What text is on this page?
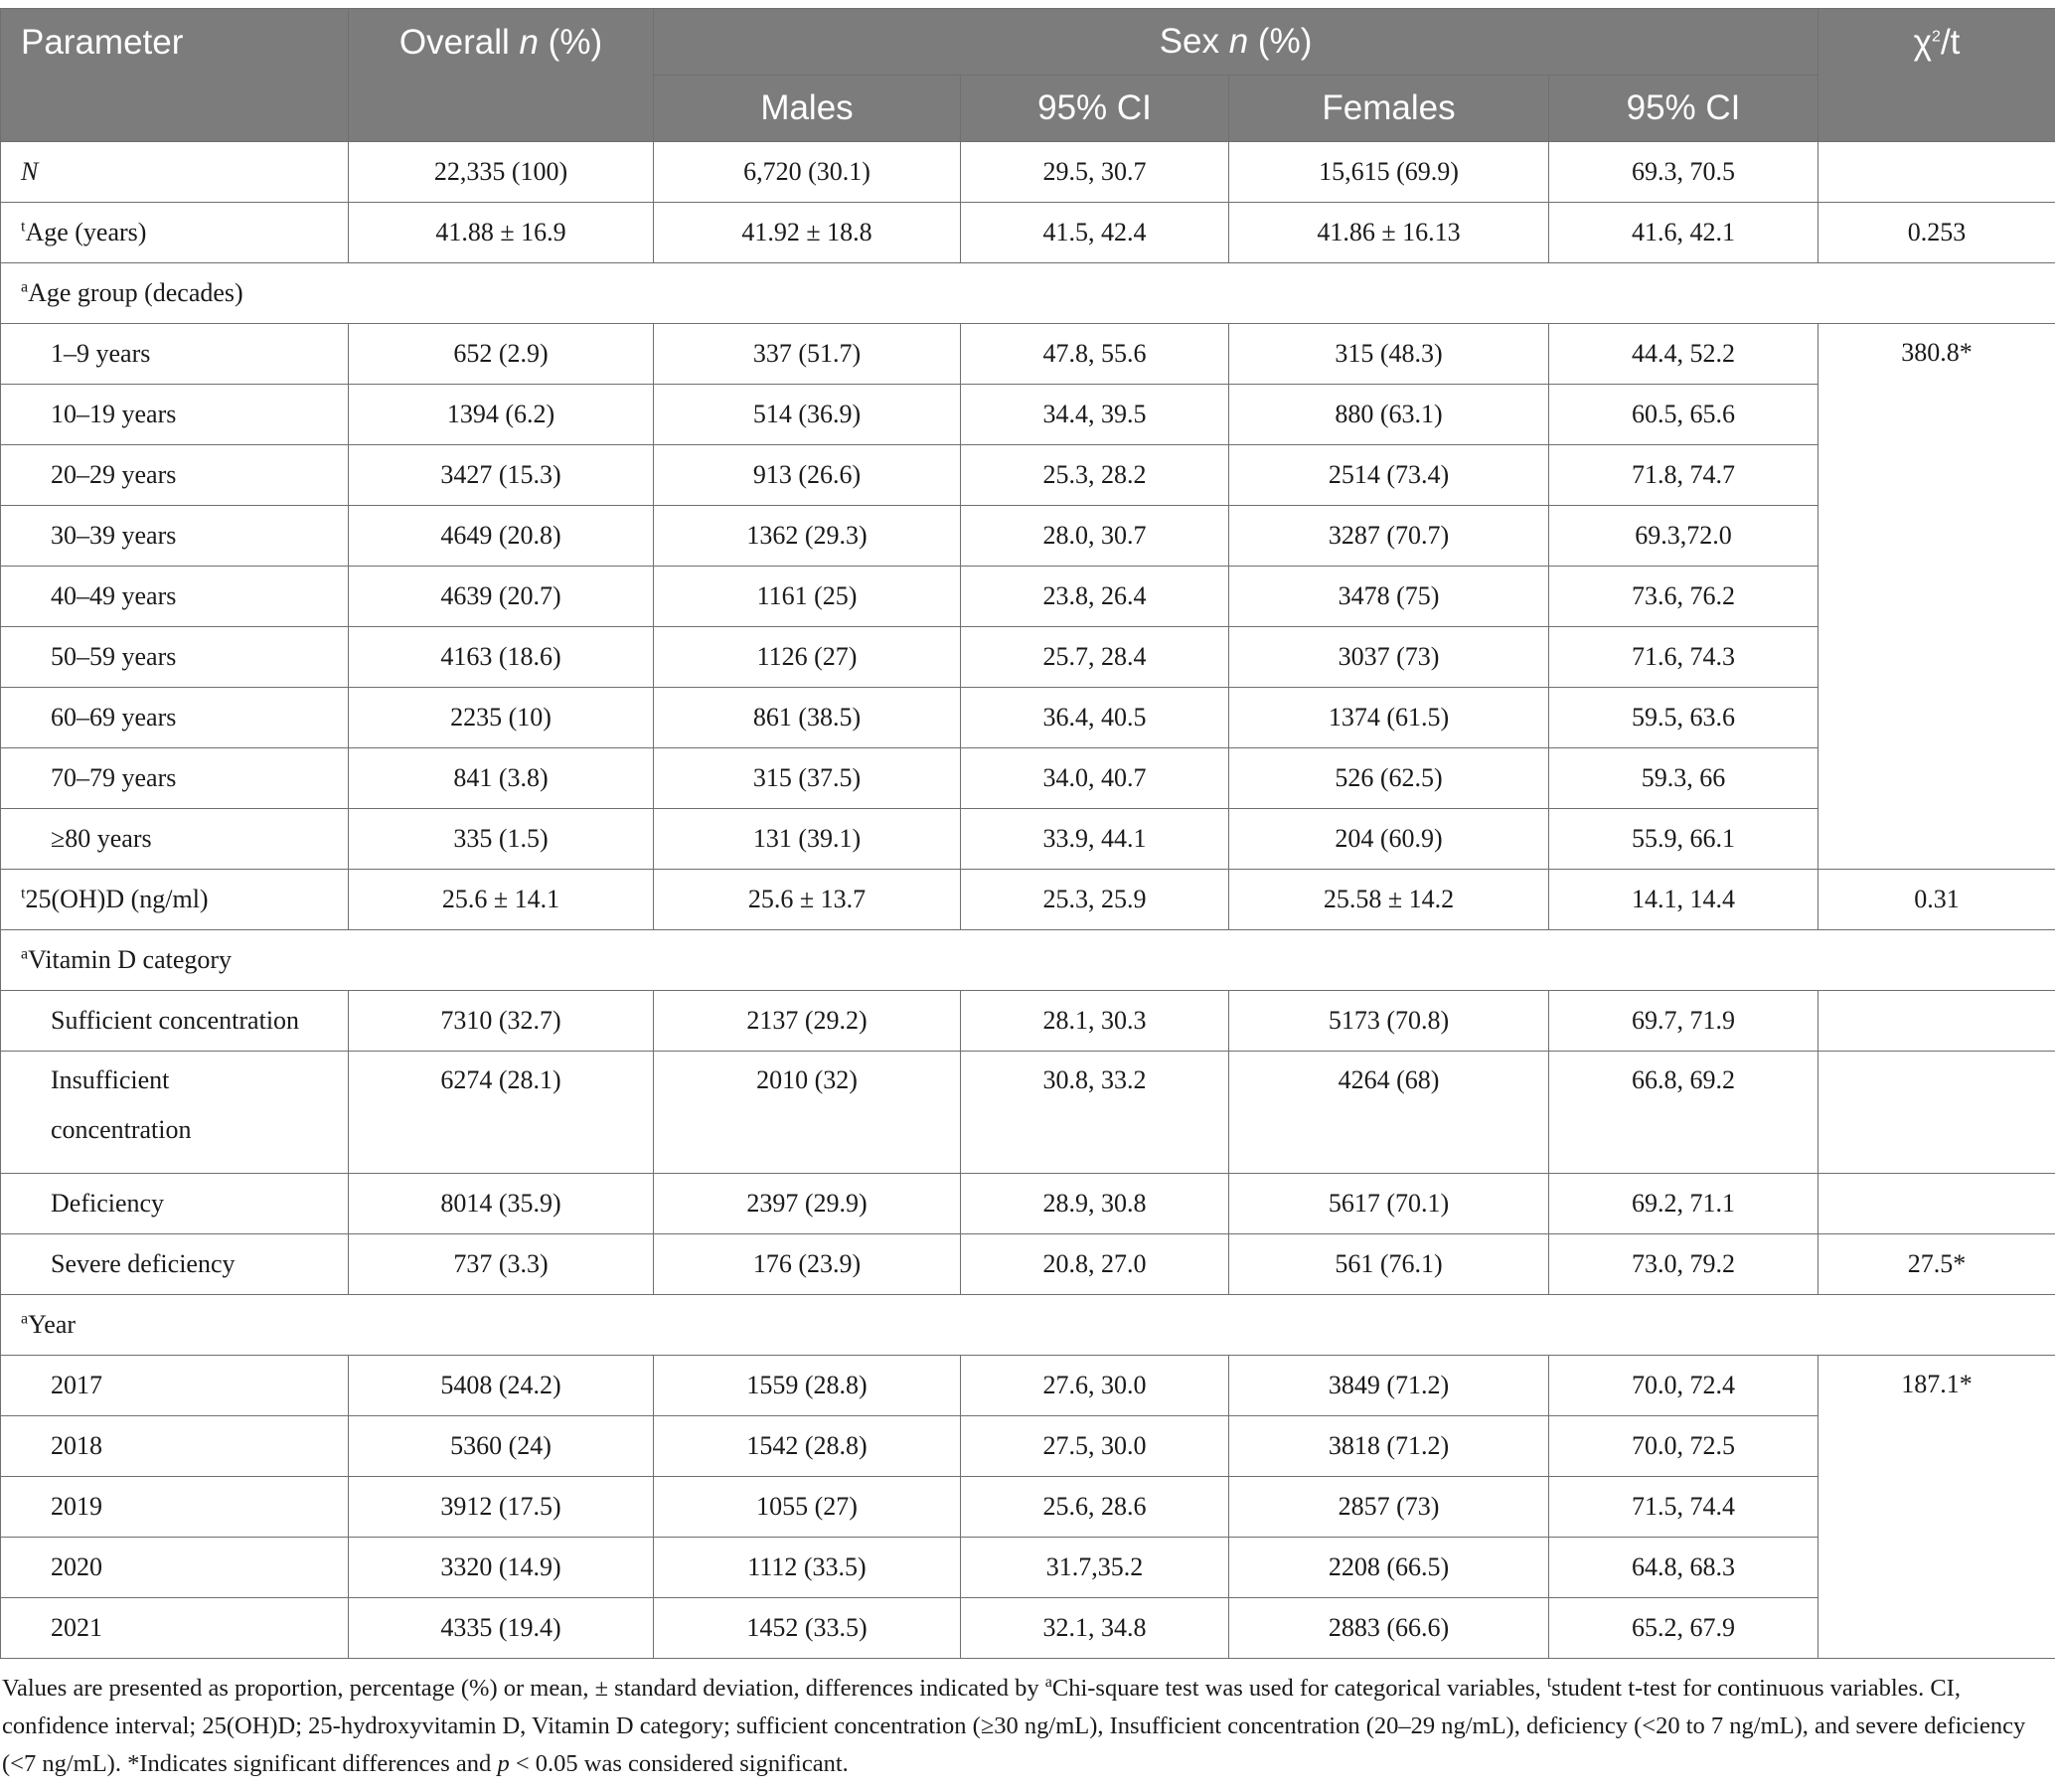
Parameter	Overall n (%)	Sex n (%)				$\chi^2/t$
		Males	95% CI	Females	95% CI	
N	22,335 (100)	6,720 (30.1)	29.5, 30.7	15,615 (69.9)	69.3, 70.5	
$^t$Age (years)	41.88 ± 16.9	41.92 ± 18.8	41.5, 42.4	41.86 ± 16.13	41.6, 42.1	0.253
$^a$Age group (decades)						
1–9 years	652 (2.9)	337 (51.7)	47.8, 55.6	315 (48.3)	44.4, 52.2	380.8*
10–19 years	1394 (6.2)	514 (36.9)	34.4, 39.5	880 (63.1)	60.5, 65.6	
20–29 years	3427 (15.3)	913 (26.6)	25.3, 28.2	2514 (73.4)	71.8, 74.7	
30–39 years	4649 (20.8)	1362 (29.3)	28.0, 30.7	3287 (70.7)	69.3,72.0	
40–49 years	4639 (20.7)	1161 (25)	23.8, 26.4	3478 (75)	73.6, 76.2	
50–59 years	4163 (18.6)	1126 (27)	25.7, 28.4	3037 (73)	71.6, 74.3	
60–69 years	2235 (10)	861 (38.5)	36.4, 40.5	1374 (61.5)	59.5, 63.6	
70–79 years	841 (3.8)	315 (37.5)	34.0, 40.7	526 (62.5)	59.3, 66	
≥80 years	335 (1.5)	131 (39.1)	33.9, 44.1	204 (60.9)	55.9, 66.1	
$^t$25(OH)D (ng/ml)	25.6 ± 14.1	25.6 ± 13.7	25.3, 25.9	25.58 ± 14.2	14.1, 14.4	0.31
$^a$Vitamin D category						
Sufficient concentration	7310 (32.7)	2137 (29.2)	28.1, 30.3	5173 (70.8)	69.7, 71.9	
Insufficient
concentration	6274 (28.1)	2010 (32)	30.8, 33.2	4264 (68)	66.8, 69.2	
Deficiency	8014 (35.9)	2397 (29.9)	28.9, 30.8	5617 (70.1)	69.2, 71.1	
Severe deficiency	737 (3.3)	176 (23.9)	20.8, 27.0	561 (76.1)	73.0, 79.2	27.5*
$^a$Year						
2017	5408 (24.2)	1559 (28.8)	27.6, 30.0	3849 (71.2)	70.0, 72.4	187.1*
2018	5360 (24)	1542 (28.8)	27.5, 30.0	3818 (71.2)	70.0, 72.5	
2019	3912 (17.5)	1055 (27)	25.6, 28.6	2857 (73)	71.5, 74.4	
2020	3320 (14.9)	1112 (33.5)	31.7,35.2	2208 (66.5)	64.8, 68.3	
2021	4335 (19.4)	1452 (33.5)	32.1, 34.8	2883 (66.6)	65.2, 67.9	
Values are presented as proportion, percentage (%) or mean, ± standard deviation, differences indicated by $^a$Chi-square test was used for categorical variables, $^t$student t-test for continuous variables. CI, confidence interval; 25(OH)D; 25-hydroxyvitamin D, Vitamin D category; sufficient concentration (≥30 ng/mL), Insufficient concentration (20–29 ng/mL), deficiency (<20 to 7 ng/mL), and severe deficiency (<7 ng/mL). *Indicates significant differences and p < 0.05 was considered significant.
